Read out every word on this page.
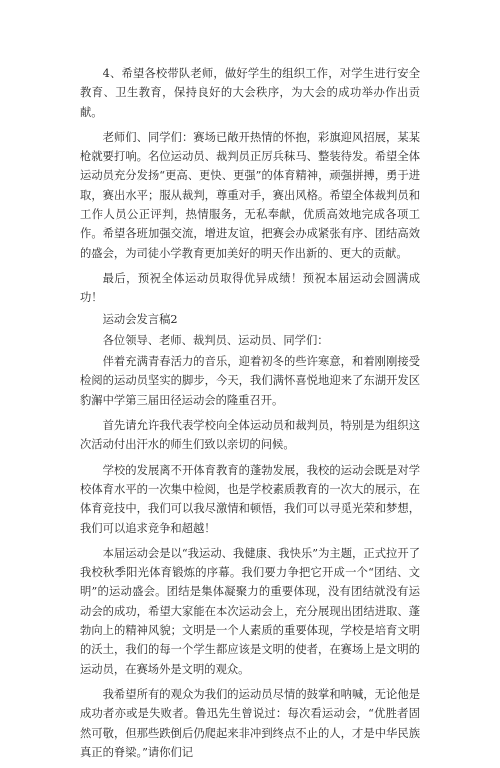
4、希望各校带队老师，做好学生的组织工作，对学生进行安全教育、卫生教育，保持良好的大会秩序，为大会的成功举办作出贡献。

老师们、同学们：赛场已敞开热情的怀抱，彩旗迎风招展，某某枪就要打响。名位运动员、裁判员正厉兵秣马、整装待发。希望全体运动员充分发扬“更高、更快、更强”的体育精神，顽强拼搏，勇于进取，赛出水平；服从裁判，尊重对手，赛出风格。希望全体裁判员和工作人员公正评判，热情服务，无私奉献，优质高效地完成各项工作。希望各班加强交流，增进友谊，把赛会办成紧张有序、团结高效的盛会，为司徒小学教育更加美好的明天作出新的、更大的贡献。

最后，预祝全体运动员取得优异成绩！预祝本届运动会圆满成功！

运动会发言稿2

各位领导、老师、裁判员、运动员、同学们：

伴着充满青春活力的音乐，迎着初冬的些许寒意，和着刚刚接受检阅的运动员坚实的脚步，今天，我们满怀喜悦地迎来了东湖开发区豹澥中学第三届田径运动会的隆重召开。

首先请允许我代表学校向全体运动员和裁判员，特别是为组织这次活动付出汗水的师生们致以亲切的问候。

学校的发展离不开体育教育的蓬勃发展，我校的运动会既是对学校体育水平的一次集中检阅，也是学校素质教育的一次大的展示，在体育竞技中，我们可以我尽激情和顿悟，我们可以寻觅光荣和梦想，我们可以追求竞争和超越！

本届运动会是以“我运动、我健康、我快乐”为主题，正式拉开了我校秋季阳光体育锻炼的序幕。我们要力争把它开成一个“团结、文明”的运动盛会。团结是集体凝聚力的重要体现，没有团结就没有运动会的成功，希望大家能在本次运动会上，充分展现出团结进取、蓬勃向上的精神风貌；文明是一个人素质的重要体现，学校是培育文明的沃土，我们的每一个学生都应该是文明的使者，在赛场上是文明的运动员，在赛场外是文明的观众。

我希望所有的观众为我们的运动员尽情的鼓掌和呐喊，无论他是成功者亦或是失败者。鲁迅先生曾说过：每次看运动会，“优胜者固然可敬，但那些跌倒后仍爬起来非冲到终点不止的人，才是中华民族真正的脊梁。”请你们记
